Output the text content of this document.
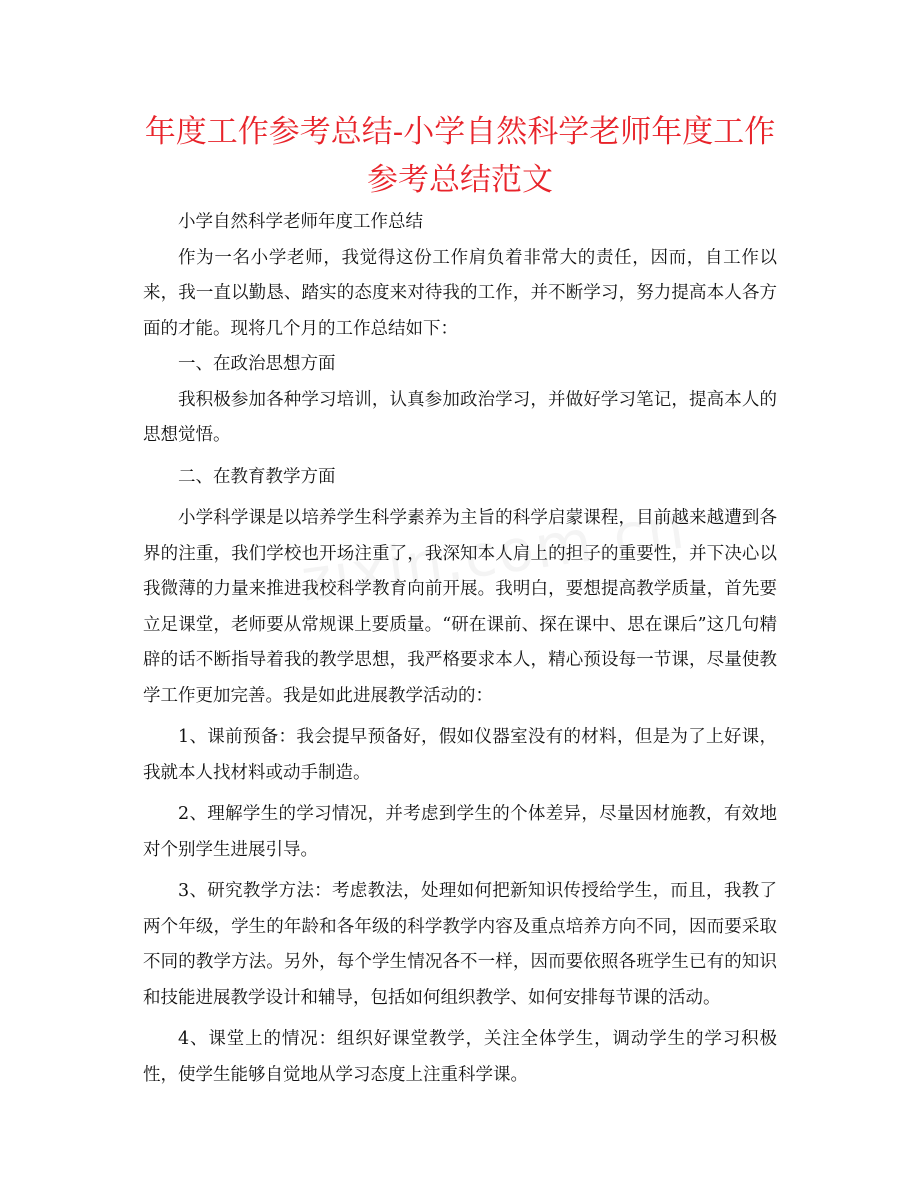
年度工作参考总结-小学自然科学老师年度工作参考总结范文

小学自然科学老师年度工作总结

作为一名小学老师，我觉得这份工作肩负着非常大的责任，因而，自工作以来，我一直以勤恳、踏实的态度来对待我的工作，并不断学习，努力提高本人各方面的才能。现将几个月的工作总结如下：

一、在政治思想方面

我积极参加各种学习培训，认真参加政治学习，并做好学习笔记，提高本人的思想觉悟。

二、在教育教学方面

小学科学课是以培养学生科学素养为主旨的科学启蒙课程，目前越来越遭到各界的注重，我们学校也开场注重了，我深知本人肩上的担子的重要性，并下决心以我微薄的力量来推进我校科学教育向前开展。我明白，要想提高教学质量，首先要立足课堂，老师要从常规课上要质量。“研在课前、探在课中、思在课后”这几句精辟的话不断指导着我的教学思想，我严格要求本人，精心预设每一节课，尽量使教学工作更加完善。我是如此进展教学活动的：

1、课前预备：我会提早预备好，假如仪器室没有的材料，但是为了上好课，我就本人找材料或动手制造。

2、理解学生的学习情况，并考虑到学生的个体差异，尽量因材施教，有效地对个别学生进展引导。

3、研究教学方法：考虑教法，处理如何把新知识传授给学生，而且，我教了两个年级，学生的年龄和各年级的科学教学内容及重点培养方向不同，因而要采取不同的教学方法。另外，每个学生情况各不一样，因而要依照各班学生已有的知识和技能进展教学设计和辅导，包括如何组织教学、如何安排每节课的活动。

4、课堂上的情况：组织好课堂教学，关注全体学生，调动学生的学习积极性，使学生能够自觉地从学习态度上注重科学课。
